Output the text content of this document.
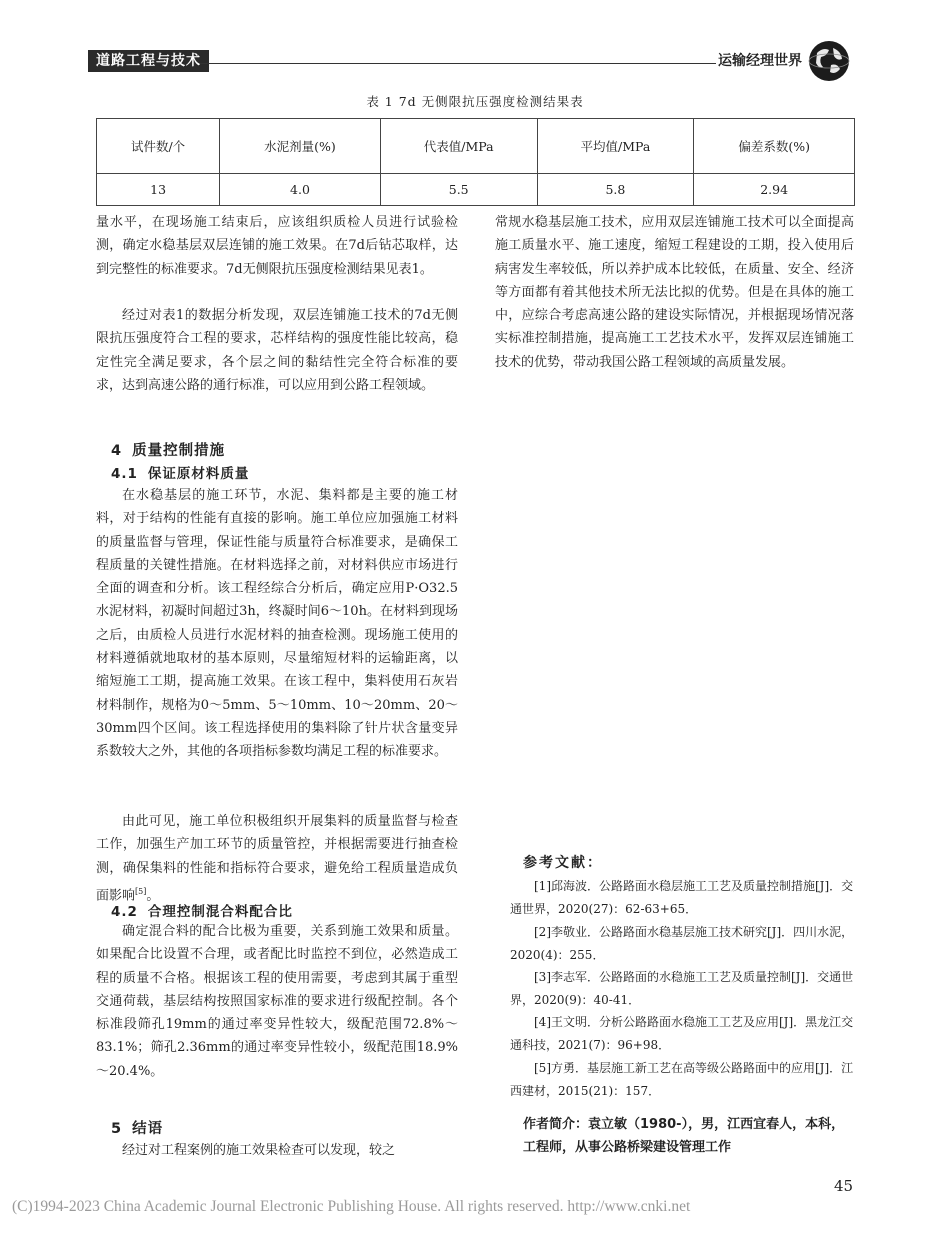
道路工程与技术	运输经理世界
表 1 7d 无侧限抗压强度检测结果表
试件数/个	水泥剂量(%)	代表值/MPa	平均值/MPa	偏差系数(%)
13	4.0	5.5	5.8	2.94

量水平，在现场施工结束后，应该组织质检人员进行试验检测，确定水稳基层双层连铺的施工效果。在7d后钻芯取样，达到完整性的标准要求。7d无侧限抗压强度检测结果见表1。

经过对表1的数据分析发现，双层连铺施工技术的7d无侧限抗压强度符合工程的要求，芯样结构的强度性能比较高，稳定性完全满足要求，各个层之间的黏结性完全符合标准的要求，达到高速公路的通行标准，可以应用到公路工程领域。

4 质量控制措施
4.1 保证原材料质量

在水稳基层的施工环节，水泥、集料都是主要的施工材料，对于结构的性能有直接的影响。施工单位应加强施工材料的质量监督与管理，保证性能与质量符合标准要求，是确保工程质量的关键性措施。在材料选择之前，对材料供应市场进行全面的调查和分析。该工程经综合分析后，确定应用P·O32.5水泥材料，初凝时间超过3h，终凝时间6～10h。在材料到现场之后，由质检人员进行水泥材料的抽查检测。现场施工使用的材料遵循就地取材的基本原则，尽量缩短材料的运输距离，以缩短施工工期，提高施工效果。在该工程中，集料使用石灰岩材料制作，规格为0～5mm、5～10mm、10～20mm、20～30mm四个区间。该工程选择使用的集料除了针片状含量变异系数较大之外，其他的各项指标参数均满足工程的标准要求。

由此可见，施工单位积极组织开展集料的质量监督与检查工作，加强生产加工环节的质量管控，并根据需要进行抽查检测，确保集料的性能和指标符合要求，避免给工程质量造成负面影响[5]。

4.2 合理控制混合料配合比

确定混合料的配合比极为重要，关系到施工效果和质量。如果配合比设置不合理，或者配比时监控不到位，必然造成工程的质量不合格。根据该工程的使用需要，考虑到其属于重型交通荷载，基层结构按照国家标准的要求进行级配控制。各个标准段筛孔19mm的通过率变异性较大，级配范围72.8%～83.1%；筛孔2.36mm的通过率变异性较小，级配范围18.9%～20.4%。

5 结语

经过对工程案例的施工效果检查可以发现，较之

常规水稳基层施工技术，应用双层连铺施工技术可以全面提高施工质量水平、施工速度，缩短工程建设的工期，投入使用后病害发生率较低，所以养护成本比较低，在质量、安全、经济等方面都有着其他技术所无法比拟的优势。但是在具体的施工中，应综合考虑高速公路的建设实际情况，并根据现场情况落实标准控制措施，提高施工工艺技术水平，发挥双层连铺施工技术的优势，带动我国公路工程领域的高质量发展。

参考文献：

[1]邱海波．公路路面水稳层施工工艺及质量控制措施[J]．交通世界，2020(27)：62-63+65．

[2]李敬业．公路路面水稳基层施工技术研究[J]．四川水泥，2020(4)：255．

[3]李志军．公路路面的水稳施工工艺及质量控制[J]．交通世界，2020(9)：40-41．

[4]王文明．分析公路路面水稳施工工艺及应用[J]．黑龙江交通科技，2021(7)：96+98．

[5]方勇．基层施工新工艺在高等级公路路面中的应用[J]．江西建材，2015(21)：157．

作者简介：袁立敏（1980-），男，江西宜春人，本科，工程师，从事公路桥梁建设管理工作
45
(C)1994-2023 China Academic Journal Electronic Publishing House. All rights reserved. http://www.cnki.net
